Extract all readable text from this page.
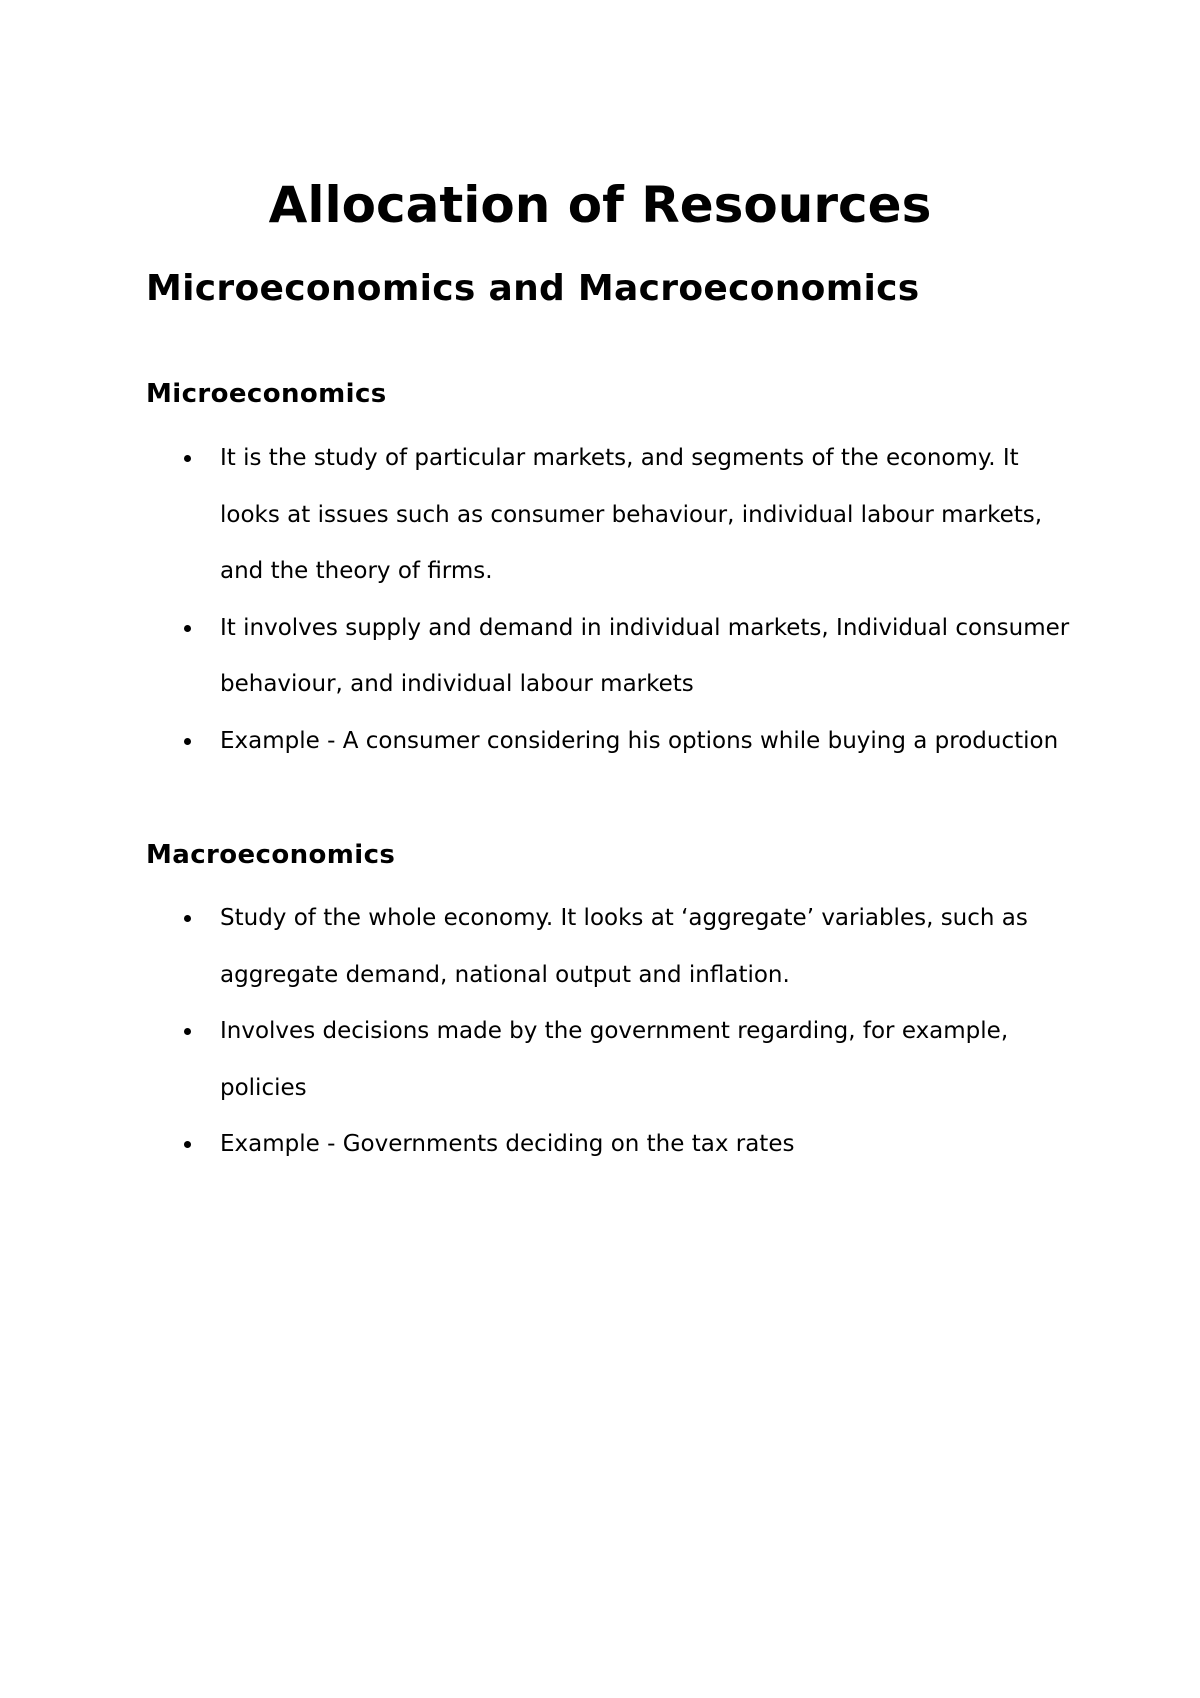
Allocation of Resources
Microeconomics and Macroeconomics
Microeconomics
It is the study of particular markets, and segments of the economy. It looks at issues such as consumer behaviour, individual labour markets, and the theory of firms.
It involves supply and demand in individual markets, Individual consumer behaviour, and individual labour markets
Example - A consumer considering his options while buying a production
Macroeconomics
Study of the whole economy. It looks at ‘aggregate’ variables, such as aggregate demand, national output and inflation.
Involves decisions made by the government regarding, for example, policies
Example - Governments deciding on the tax rates
